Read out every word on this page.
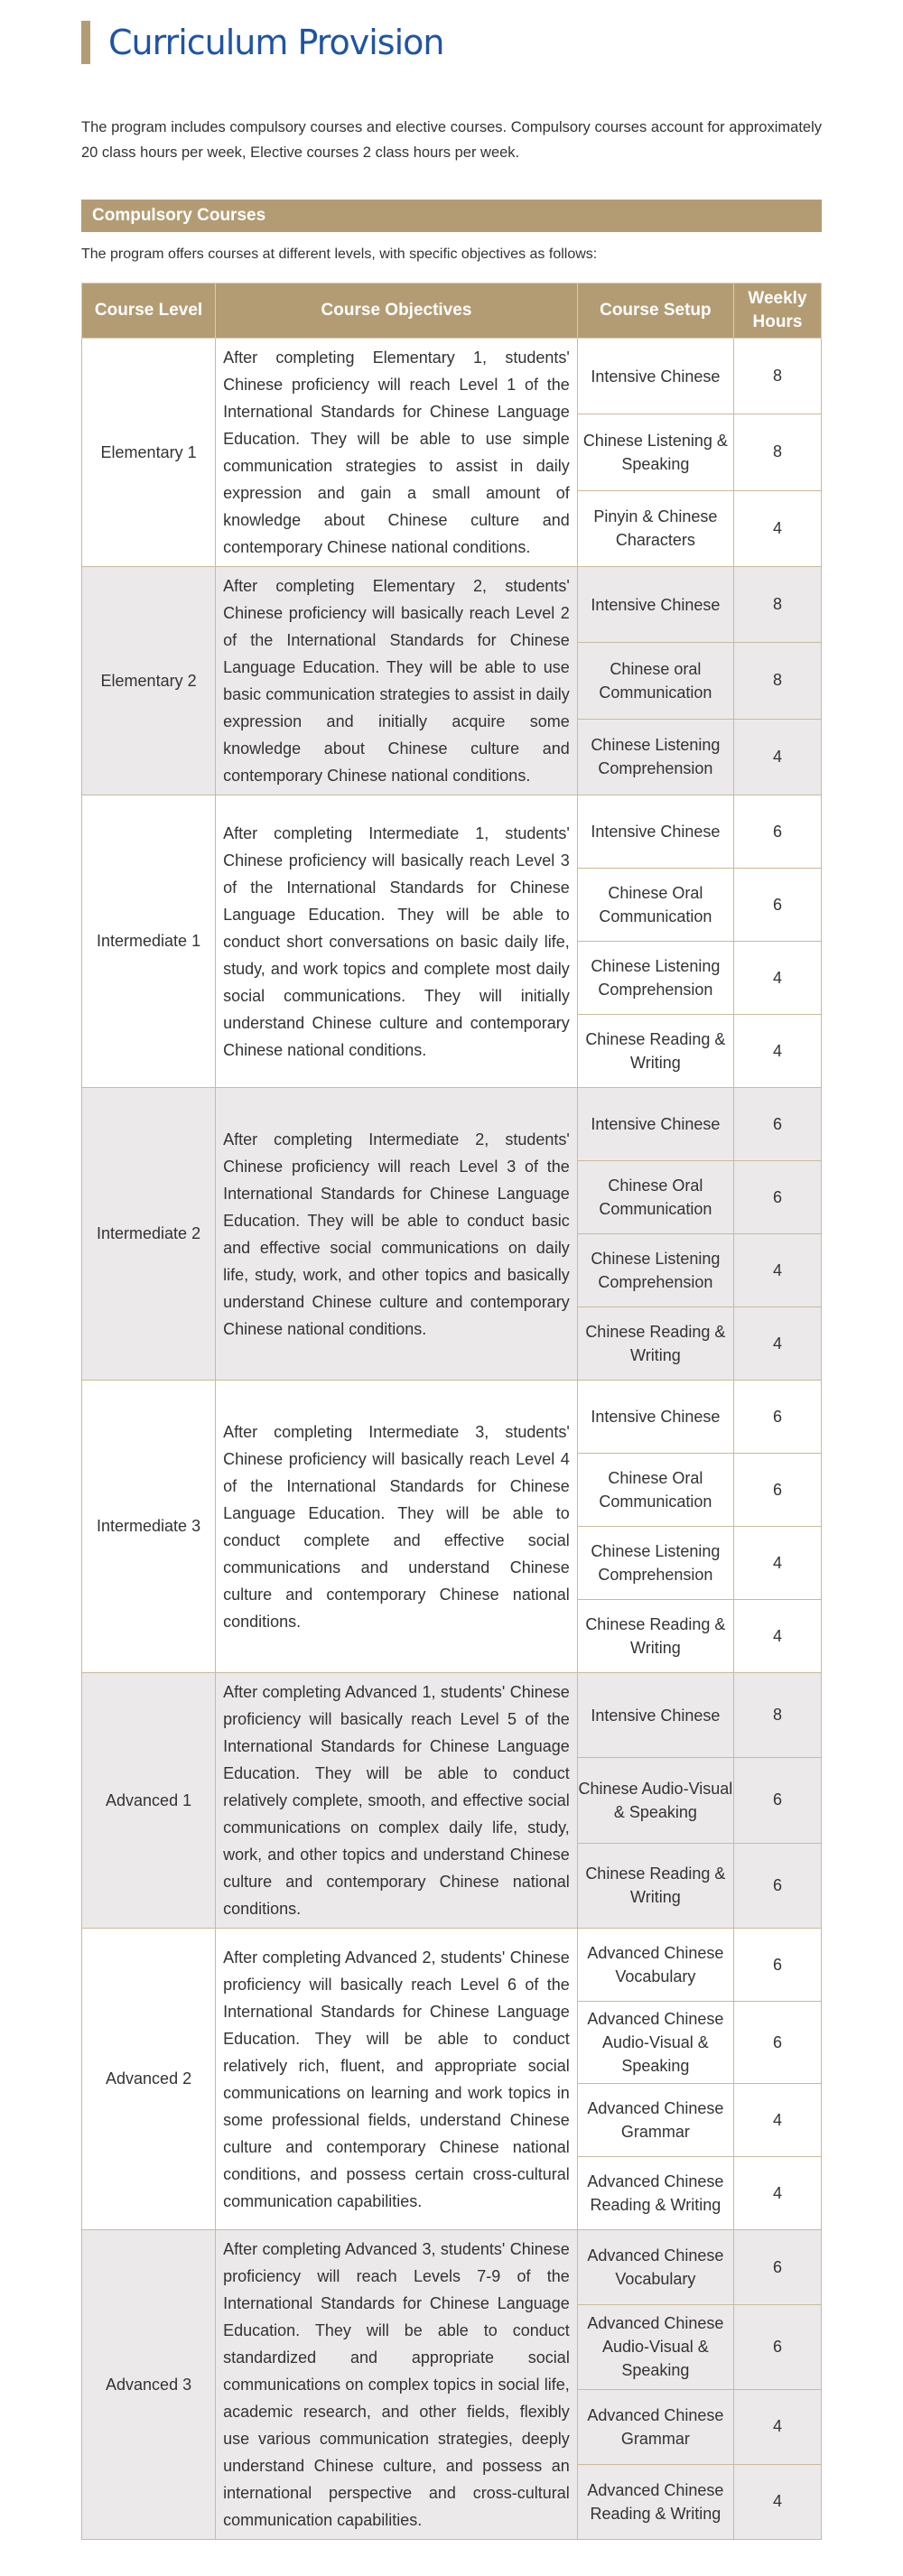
Curriculum Provision

The program includes compulsory courses and elective courses. Compulsory courses account for approximately 20 class hours per week, Elective courses 2 class hours per week.

Compulsory Courses

The program offers courses at different levels, with specific objectives as follows:

Course Level	Course Objectives	Course Setup	Weekly Hours
Elementary 1	After completing Elementary 1, students' Chinese proficiency will reach Level 1 of the International Standards for Chinese Language Education. They will be able to use simple communication strategies to assist in daily expression and gain a small amount of knowledge about Chinese culture and contemporary Chinese national conditions.	Intensive Chinese	8
		Chinese Listening & Speaking	8
		Pinyin & Chinese Characters	4
Elementary 2	After completing Elementary 2, students' Chinese proficiency will basically reach Level 2 of the International Standards for Chinese Language Education. They will be able to use basic communication strategies to assist in daily expression and initially acquire some knowledge about Chinese culture and contemporary Chinese national conditions.	Intensive Chinese	8
		Chinese oral Communication	8
		Chinese Listening Comprehension	4
Intermediate 1	After completing Intermediate 1, students' Chinese proficiency will basically reach Level 3 of the International Standards for Chinese Language Education. They will be able to conduct short conversations on basic daily life, study, and work topics and complete most daily social communications. They will initially understand Chinese culture and contemporary Chinese national conditions.	Intensive Chinese	6
		Chinese Oral Communication	6
		Chinese Listening Comprehension	4
		Chinese Reading & Writing	4
Intermediate 2	After completing Intermediate 2, students' Chinese proficiency will reach Level 3 of the International Standards for Chinese Language Education. They will be able to conduct basic and effective social communications on daily life, study, work, and other topics and basically understand Chinese culture and contemporary Chinese national conditions.	Intensive Chinese	6
		Chinese Oral Communication	6
		Chinese Listening Comprehension	4
		Chinese Reading & Writing	4
Intermediate 3	After completing Intermediate 3, students' Chinese proficiency will basically reach Level 4 of the International Standards for Chinese Language Education. They will be able to conduct complete and effective social communications and understand Chinese culture and contemporary Chinese national conditions.	Intensive Chinese	6
		Chinese Oral Communication	6
		Chinese Listening Comprehension	4
		Chinese Reading & Writing	4
Advanced 1	After completing Advanced 1, students' Chinese proficiency will basically reach Level 5 of the International Standards for Chinese Language Education. They will be able to conduct relatively complete, smooth, and effective social communications on complex daily life, study, work, and other topics and understand Chinese culture and contemporary Chinese national conditions.	Intensive Chinese	8
		Chinese Audio-Visual & Speaking	6
		Chinese Reading & Writing	6
Advanced 2	After completing Advanced 2, students' Chinese proficiency will basically reach Level 6 of the International Standards for Chinese Language Education. They will be able to conduct relatively rich, fluent, and appropriate social communications on learning and work topics in some professional fields, understand Chinese culture and contemporary Chinese national conditions, and possess certain cross-cultural communication capabilities.	Advanced Chinese Vocabulary	6
		Advanced Chinese Audio-Visual & Speaking	6
		Advanced Chinese Grammar	4
		Advanced Chinese Reading & Writing	4
Advanced 3	After completing Advanced 3, students' Chinese proficiency will reach Levels 7-9 of the International Standards for Chinese Language Education. They will be able to conduct standardized and appropriate social communications on complex topics in social life, academic research, and other fields, flexibly use various communication strategies, deeply understand Chinese culture, and possess an international perspective and cross-cultural communication capabilities.	Advanced Chinese Vocabulary	6
		Advanced Chinese Audio-Visual & Speaking	6
		Advanced Chinese Grammar	4
		Advanced Chinese Reading & Writing	4
